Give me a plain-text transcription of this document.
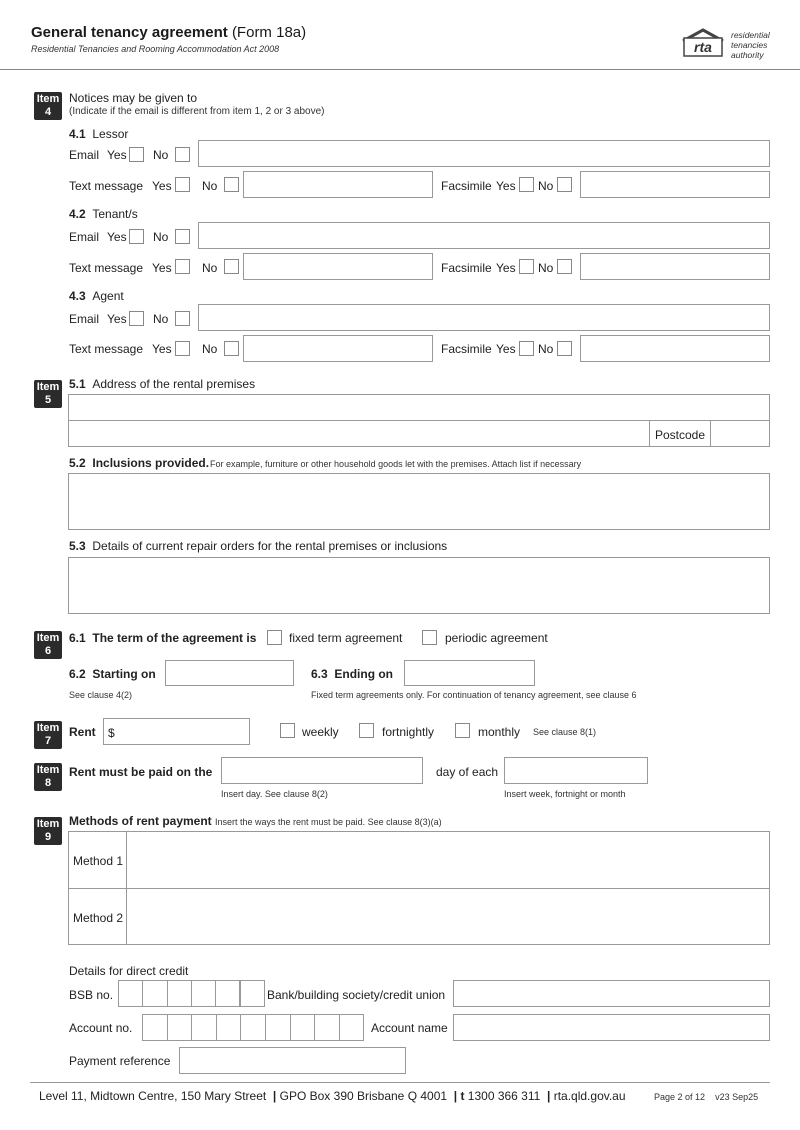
General tenancy agreement (Form 18a)
Residential Tenancies and Rooming Accommodation Act 2008	rta
residential
tenancies
authority
Item
4
Notices may be given to
(Indicate if the email is different from item 1, 2 or 3 above)
4.1 Lessor
Email Yes No
Text message Yes	No	Facsimile Yes No
4.2 Tenant/s
Email Yes No
Text message Yes	No	Facsimile Yes No
4.3 Agent
Email Yes No
Text message Yes	No	Facsimile Yes No
Item
5
5.1 Address of the rental premises
Postcode
5.2 Inclusions provided. For example, furniture or other household goods let with the premises. Attach list if necessary
5.3 Details of current repair orders for the rental premises or inclusions
Item
6
6.1 The term of the agreement is	fixed term agreement	periodic agreement
6.2 Starting on
See clause 4(2)
6.3 Ending on
Fixed term agreements only. For continuation of tenancy agreement, see clause 6
Item
7
Rent $	weekly	fortnightly	monthly See clause 8(1)
Item
8
Rent must be paid on the
Insert day. See clause 8(2)
day of each
Insert week, fortnight or month
Item
9
Methods of rent payment Insert the ways the rent must be paid. See clause 8(3)(a)
Method 1
Method 2
Details for direct credit
BSB no.	Bank/building society/credit union
Account no.	Account name
Payment reference
Level 11, Midtown Centre, 150 Mary Street  | GPO Box 390 Brisbane Q 4001  | t 1300 366 311  | rta.qld.gov.au	Page 2 of 12 v23 Sep25
